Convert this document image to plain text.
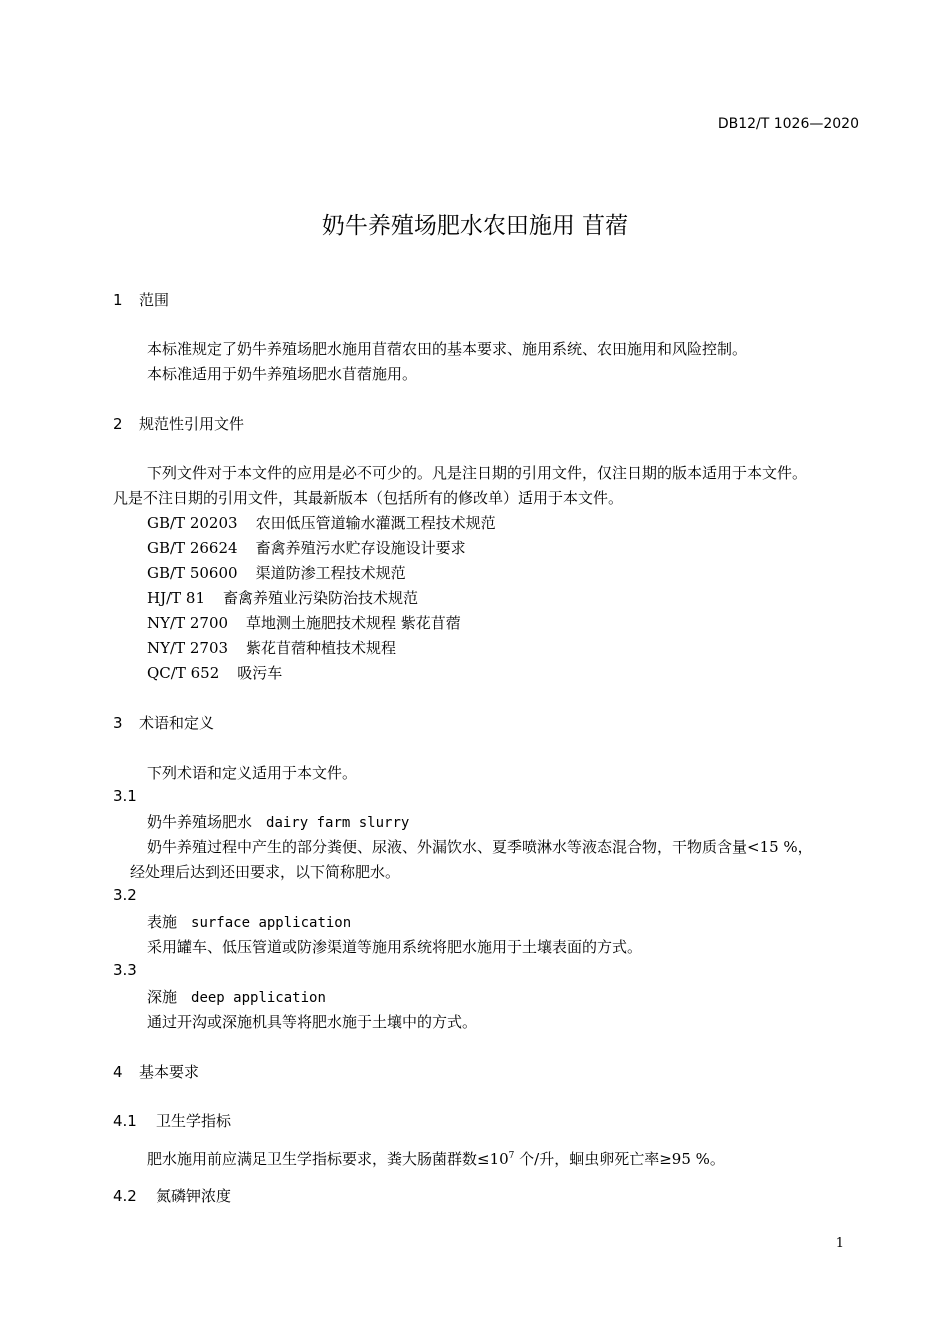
DB12/T 1026—2020
奶牛养殖场肥水农田施用 苜蓿
1 范围
本标准规定了奶牛养殖场肥水施用苜蓿农田的基本要求、施用系统、农田施用和风险控制。
本标准适用于奶牛养殖场肥水苜蓿施用。
2 规范性引用文件
下列文件对于本文件的应用是必不可少的。凡是注日期的引用文件，仅注日期的版本适用于本文件。
凡是不注日期的引用文件，其最新版本（包括所有的修改单）适用于本文件。
GB/T 20203 农田低压管道输水灌溉工程技术规范
GB/T 26624 畜禽养殖污水贮存设施设计要求
GB/T 50600 渠道防渗工程技术规范
HJ/T 81 畜禽养殖业污染防治技术规范
NY/T 2700 草地测土施肥技术规程 紫花苜蓿
NY/T 2703 紫花苜蓿种植技术规程
QC/T 652 吸污车
3 术语和定义
下列术语和定义适用于本文件。
3.1
奶牛养殖场肥水 dairy farm slurry
奶牛养殖过程中产生的部分粪便、尿液、外漏饮水、夏季喷淋水等液态混合物，干物质含量<15 %，
经处理后达到还田要求，以下简称肥水。
3.2
表施 surface application
采用罐车、低压管道或防渗渠道等施用系统将肥水施用于土壤表面的方式。
3.3
深施 deep application
通过开沟或深施机具等将肥水施于土壤中的方式。
4 基本要求
4.1 卫生学指标
肥水施用前应满足卫生学指标要求，粪大肠菌群数$\le 10^7$ 个/升，蛔虫卵死亡率≥95 %。
4.2 氮磷钾浓度
1
